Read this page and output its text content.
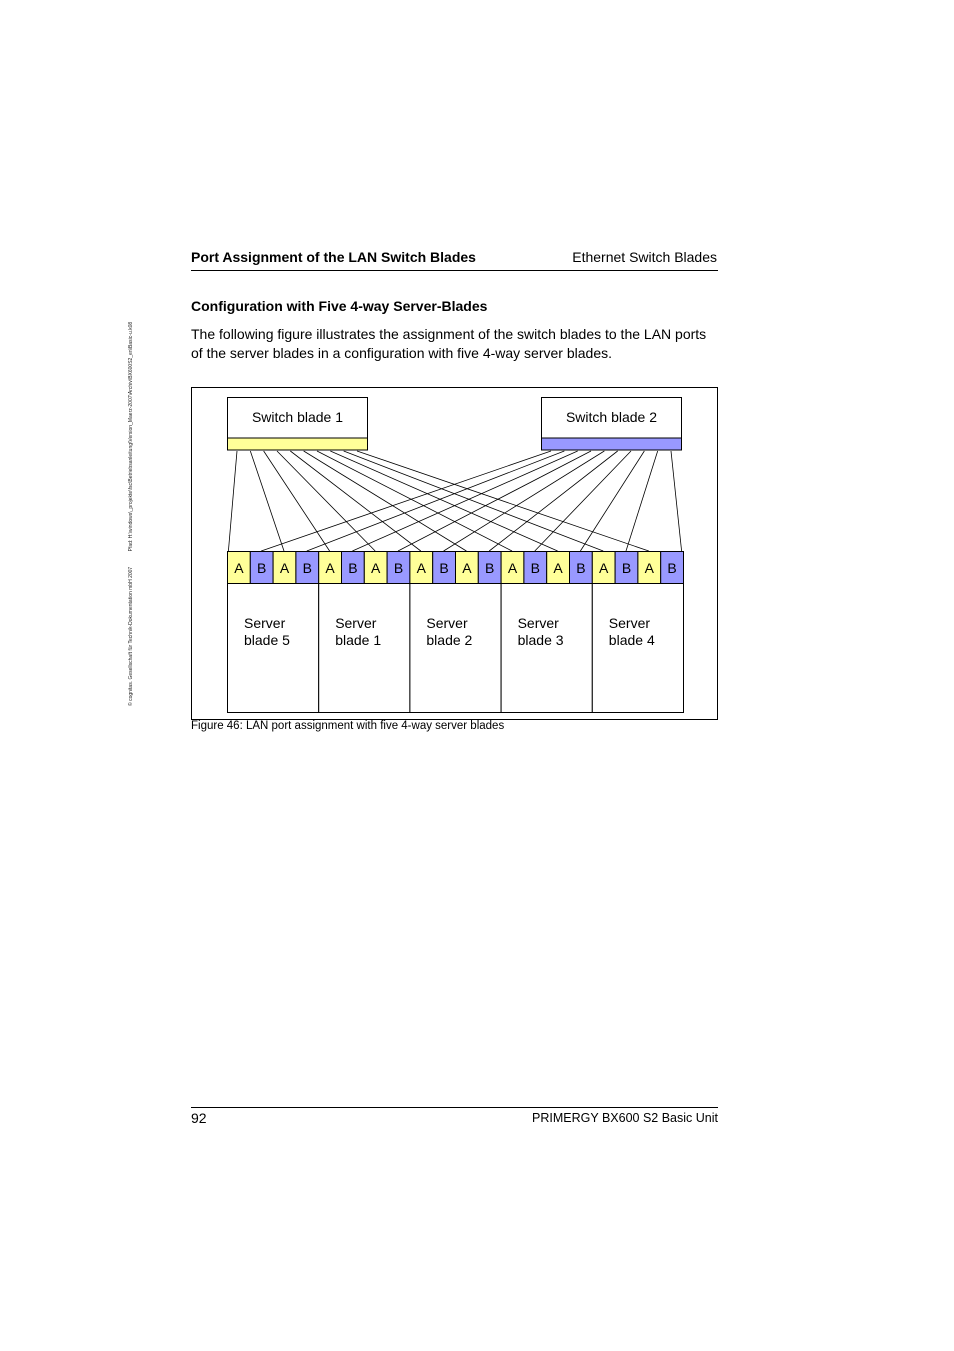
© cognitas. Gesellschaft für Technik-Dokumentation mbH 2007 Pfad: H:\windows\_projekte\fsc\Betriebsanleitung\Version_Maerz-2007\Archiv\BX600S2_en\Basic-u.k08
Port Assignment of the LAN Switch Blades	Ethernet Switch Blades
Configuration with Five 4-way Server-Blades
The following figure illustrates the assignment of the switch blades to the LAN ports of the server blades in a configuration with five 4-way server blades.
Switch blade 1	Switch blade 2
A B A B A B A B A B A B A B A B A B A B
Server
blade 5
Server
blade 1
Server
blade 2
Server
blade 3
Server
blade 4
Figure 46: LAN port assignment with five 4-way server blades
92	PRIMERGY BX600 S2 Basic Unit
